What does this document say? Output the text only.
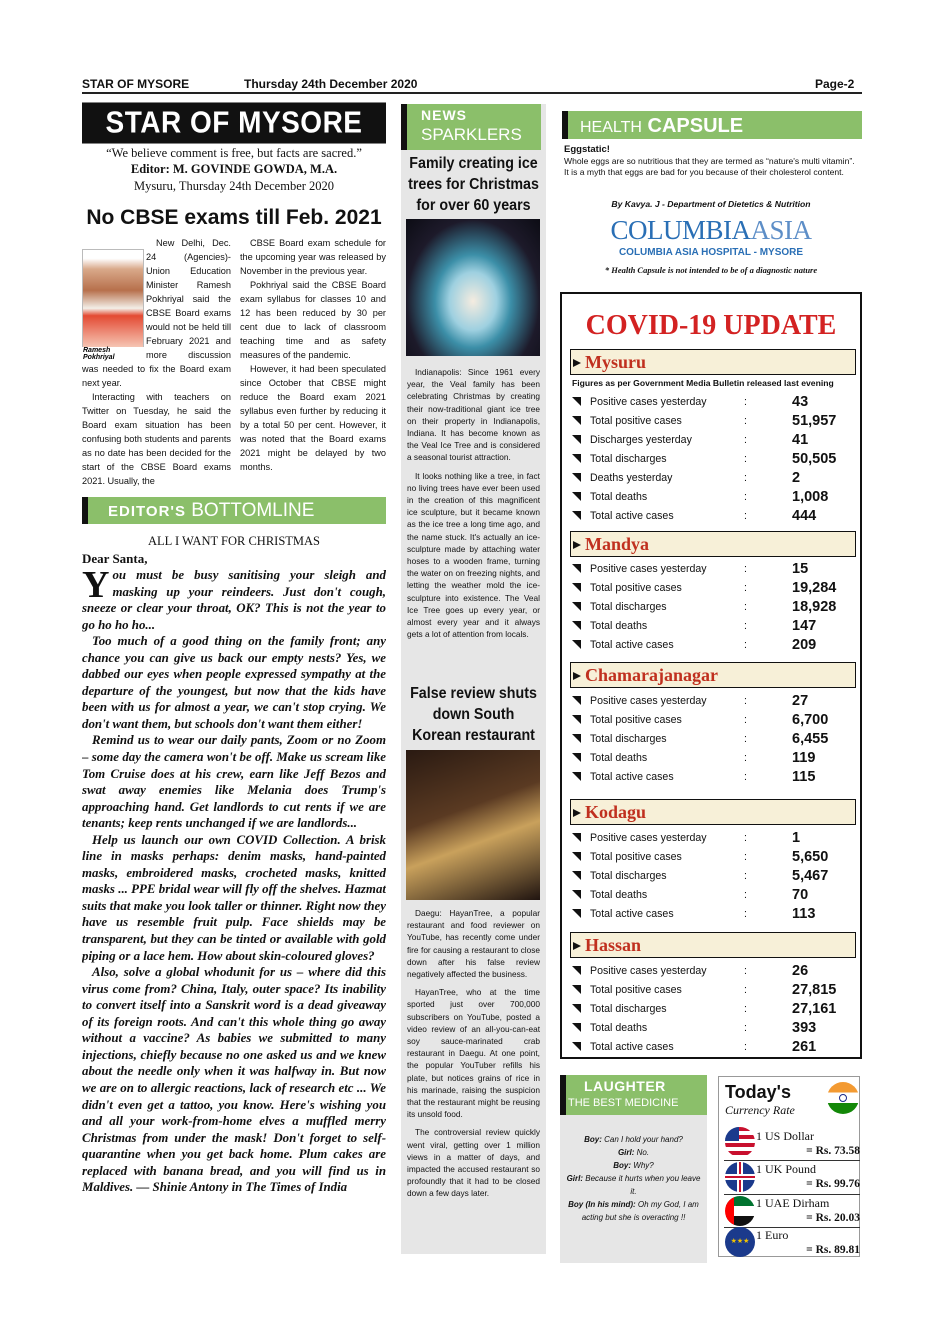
STAR OF MYSORE	Thursday 24th December 2020	Page-2
STAR OF MYSORE
“We believe comment is free, but facts are sacred.”
Editor: M. GOVINDE GOWDA, M.A.
Mysuru, Thursday 24th December 2020
No CBSE exams till Feb. 2021
Ramesh Pokhriyal

New Delhi, Dec. 24 (Agencies)- Union Education Minister Ramesh Pokhriyal said the CBSE Board exams would not be held till February 2021 and more discussion was needed to fix the Board exam next year.

Interacting with teachers on Twitter on Tuesday, he said the Board exam situation has been confusing both students and parents as no date has been decided for the start of the CBSE Board exams 2021. Usually, the

CBSE Board exam schedule for the upcoming year was released by November in the previous year.

Pokhriyal said the CBSE Board exam syllabus for classes 10 and 12 has been reduced by 30 per cent due to lack of classroom teaching time and as safety measures of the pandemic.

However, it had been speculated since October that CBSE might reduce the Board exam 2021 syllabus even further by reducing it by a total 50 per cent. However, it was noted that the Board exams 2021 might be delayed by two months.

EDITOR'S BOTTOMLINE
ALL I WANT FOR CHRISTMAS
Dear Santa,

You must be busy sanitising your sleigh and masking up your reindeers. Just don't cough, sneeze or clear your throat, OK? This is not the year to go ho ho ho...

Too much of a good thing on the family front; any chance you can give us back our empty nests? Yes, we dabbed our eyes when people expressed sympathy at the departure of the youngest, but now that the kids have been with us for almost a year, we can't stop crying. We don't want them, but schools don't want them either!

Remind us to wear our daily pants, Zoom or no Zoom – some day the camera won't be off. Make us scream like Tom Cruise does at his crew, earn like Jeff Bezos and swat away enemies like Melania does Trump's approaching hand. Get landlords to cut rents if we are tenants; keep rents unchanged if we are landlords...

Help us launch our own COVID Collection. A brisk line in masks perhaps: denim masks, hand-painted masks, embroidered masks, crocheted masks, knitted masks ... PPE bridal wear will fly off the shelves. Hazmat suits that make you look taller or thinner. Right now they have us resemble fruit pulp. Face shields may be transparent, but they can be tinted or available with gold piping or a lace hem. How about skin-coloured gloves?

Also, solve a global whodunit for us – where did this virus come from? China, Italy, outer space? Its inability to convert itself into a Sanskrit word is a dead giveaway of its foreign roots. And can't this whole thing go away without a vaccine? As babies we submitted to many injections, chiefly because no one asked us and we knew about the needle only when it was halfway in. But now we are on to allergic reactions, lack of research etc ... We didn't even get a tattoo, you know. Here's wishing you and all your work-from-home elves a muffled merry Christmas from under the mask! Don't forget to self-quarantine when you get back home. Plum cakes are replaced with banana bread, and you will find us in Maldives. — Shinie Antony in The Times of India

NEWS
SPARKLERS
Family creating ice trees for Christmas for over 60 years

Indianapolis: Since 1961 every year, the Veal family has been celebrating Christmas by creating their now-traditional giant ice tree on their property in Indianapolis, Indiana. It has become known as the Veal Ice Tree and is considered a seasonal tourist attraction.

It looks nothing like a tree, in fact no living trees have ever been used in the creation of this magnificent ice sculpture, but it became known as the ice tree a long time ago, and the name stuck. It's actually an ice-sculpture made by attaching water hoses to a wooden frame, turning the water on on freezing nights, and letting the weather mold the ice-sculpture into existence. The Veal Ice Tree goes up every year, or almost every year and it always gets a lot of attention from locals.

False review shuts down South Korean restaurant

Daegu: HayanTree, a popular restaurant and food reviewer on YouTube, has recently come under fire for causing a restaurant to close down after his false review negatively affected the business.

HayanTree, who at the time sported just over 700,000 subscribers on YouTube, posted a video review of an all-you-can-eat soy sauce-marinated crab restaurant in Daegu. At one point, the popular YouTuber refills his plate, but notices grains of rice in his marinade, raising the suspicion that the restaurant might be reusing its unsold food.

The controversial review quickly went viral, getting over 1 million views in a matter of days, and impacted the accused restaurant so profoundly that it had to be closed down a few days later.

HEALTH CAPSULE
Eggstatic!
Whole eggs are so nutritious that they are termed as “nature's multi vitamin”. It is a myth that eggs are bad for you because of their cholesterol content.
By Kavya. J - Department of Dietetics & Nutrition
COLUMBIAASIA
COLUMBIA ASIA HOSPITAL - MYSORE
* Health Capsule is not intended to be of a diagnostic nature
COVID-19 UPDATE
Mysuru
Figures as per Government Media Bulletin released last evening
Positive cases yesterday	:	43
Total positive cases	:	51,957
Discharges yesterday	:	41
Total discharges	:	50,505
Deaths yesterday	:	2
Total deaths	:	1,008
Total active cases	:	444
Mandya
Positive cases yesterday	:	15
Total positive cases	:	19,284
Total discharges	:	18,928
Total deaths	:	147
Total active cases	:	209
Chamarajanagar
Positive cases yesterday	:	27
Total positive cases	:	6,700
Total discharges	:	6,455
Total deaths	:	119
Total active cases	:	115
Kodagu
Positive cases yesterday	:	1
Total positive cases	:	5,650
Total discharges	:	5,467
Total deaths	:	70
Total active cases	:	113
Hassan
Positive cases yesterday	:	26
Total positive cases	:	27,815
Total discharges	:	27,161
Total deaths	:	393
Total active cases	:	261
LAUGHTER
THE BEST MEDICINE
Boy: Can I hold your hand?
Girl: No.
Boy: Why?
Girl: Because it hurts when you leave it.
Boy (In his mind): Oh my God, I am acting but she is overacting !!
Today's
Currency Rate
1 US Dollar
= Rs. 73.58
1 UK Pound
= Rs. 99.76
1 UAE Dirham
= Rs. 20.03
★★★ 1 Euro
= Rs. 89.81
